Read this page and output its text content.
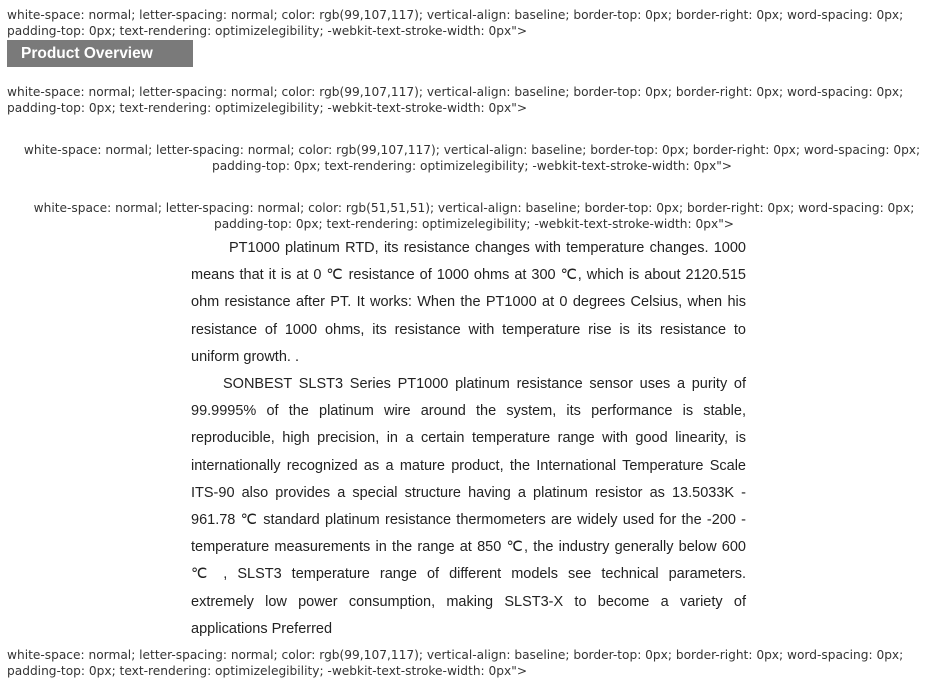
white-space: normal; letter-spacing: normal; color: rgb(99,107,117); vertical-align: baseline; border-top: 0px; border-right: 0px; word-spacing: 0px; padding-top: 0px; text-rendering: optimizelegibility; -webkit-text-stroke-width: 0px">
Product Overview
white-space: normal; letter-spacing: normal; color: rgb(99,107,117); vertical-align: baseline; border-top: 0px; border-right: 0px; word-spacing: 0px; padding-top: 0px; text-rendering: optimizelegibility; -webkit-text-stroke-width: 0px">
white-space: normal; letter-spacing: normal; color: rgb(99,107,117); vertical-align: baseline; border-top: 0px; border-right: 0px; word-spacing: 0px; padding-top: 0px; text-rendering: optimizelegibility; -webkit-text-stroke-width: 0px">
white-space: normal; letter-spacing: normal; color: rgb(51,51,51); vertical-align: baseline; border-top: 0px; border-right: 0px; word-spacing: 0px; padding-top: 0px; text-rendering: optimizelegibility; -webkit-text-stroke-width: 0px">

PT1000 platinum RTD, its resistance changes with temperature changes. 1000 means that it is at 0 ℃ resistance of 1000 ohms at 300 ℃, which is about 2120.515 ohm resistance after PT. It works: When the PT1000 at 0 degrees Celsius, when his resistance of 1000 ohms, its resistance with temperature rise is its resistance to uniform growth. .

SONBEST SLST3 Series PT1000 platinum resistance sensor uses a purity of 99.9995% of the platinum wire around the system, its performance is stable, reproducible, high precision, in a certain temperature range with good linearity, is internationally recognized as a mature product, the International Temperature Scale ITS-90 also provides a special structure having a platinum resistor as 13.5033K - 961.78 ℃ standard platinum resistance thermometers are widely used for the -200 - temperature measurements in the range at 850 ℃, the industry generally below 600 ℃ , SLST3 temperature range of different models see technical parameters. extremely low power consumption, making SLST3-X to become a variety of applications Preferred

white-space: normal; letter-spacing: normal; color: rgb(99,107,117); vertical-align: baseline; border-top: 0px; border-right: 0px; word-spacing: 0px; padding-top: 0px; text-rendering: optimizelegibility; -webkit-text-stroke-width: 0px">
